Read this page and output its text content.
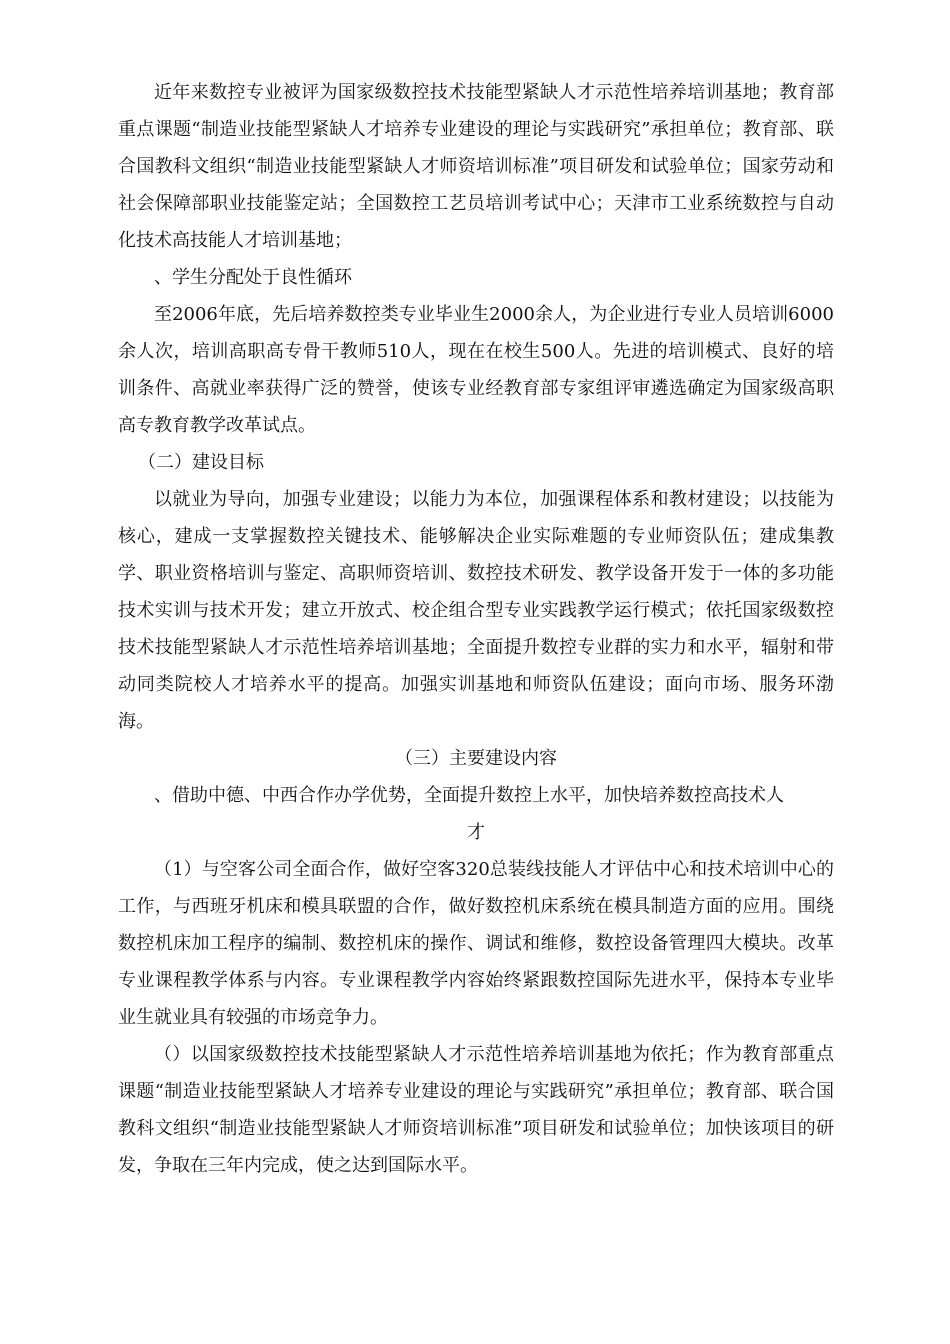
近年来数控专业被评为国家级数控技术技能型紧缺人才示范性培养培训基地；教育部重点课题“制造业技能型紧缺人才培养专业建设的理论与实践研究”承担单位；教育部、联合国教科文组织“制造业技能型紧缺人才师资培训标准”项目研发和试验单位；国家劳动和社会保障部职业技能鉴定站；全国数控工艺员培训考试中心；天津市工业系统数控与自动化技术高技能人才培训基地；

、学生分配处于良性循环

至2006年底，先后培养数控类专业毕业生2000余人，为企业进行专业人员培训6000余人次，培训高职高专骨干教师510人，现在在校生500人。先进的培训模式、良好的培训条件、高就业率获得广泛的赞誉，使该专业经教育部专家组评审遴选确定为国家级高职高专教育教学改革试点。

（二）建设目标

以就业为导向，加强专业建设；以能力为本位，加强课程体系和教材建设；以技能为核心，建成一支掌握数控关键技术、能够解决企业实际难题的专业师资队伍；建成集教学、职业资格培训与鉴定、高职师资培训、数控技术研发、教学设备开发于一体的多功能技术实训与技术开发；建立开放式、校企组合型专业实践教学运行模式；依托国家级数控技术技能型紧缺人才示范性培养培训基地；全面提升数控专业群的实力和水平，辐射和带动同类院校人才培养水平的提高。加强实训基地和师资队伍建设；面向市场、服务环渤海。

（三）主要建设内容

、借助中德、中西合作办学优势，全面提升数控上水平，加快培养数控高技术人

才

（1）与空客公司全面合作，做好空客320总装线技能人才评估中心和技术培训中心的工作，与西班牙机床和模具联盟的合作，做好数控机床系统在模具制造方面的应用。围绕数控机床加工程序的编制、数控机床的操作、调试和维修，数控设备管理四大模块。改革专业课程教学体系与内容。专业课程教学内容始终紧跟数控国际先进水平，保持本专业毕业生就业具有较强的市场竞争力。

（）以国家级数控技术技能型紧缺人才示范性培养培训基地为依托；作为教育部重点课题“制造业技能型紧缺人才培养专业建设的理论与实践研究”承担单位；教育部、联合国教科文组织“制造业技能型紧缺人才师资培训标准”项目研发和试验单位；加快该项目的研发，争取在三年内完成，使之达到国际水平。
